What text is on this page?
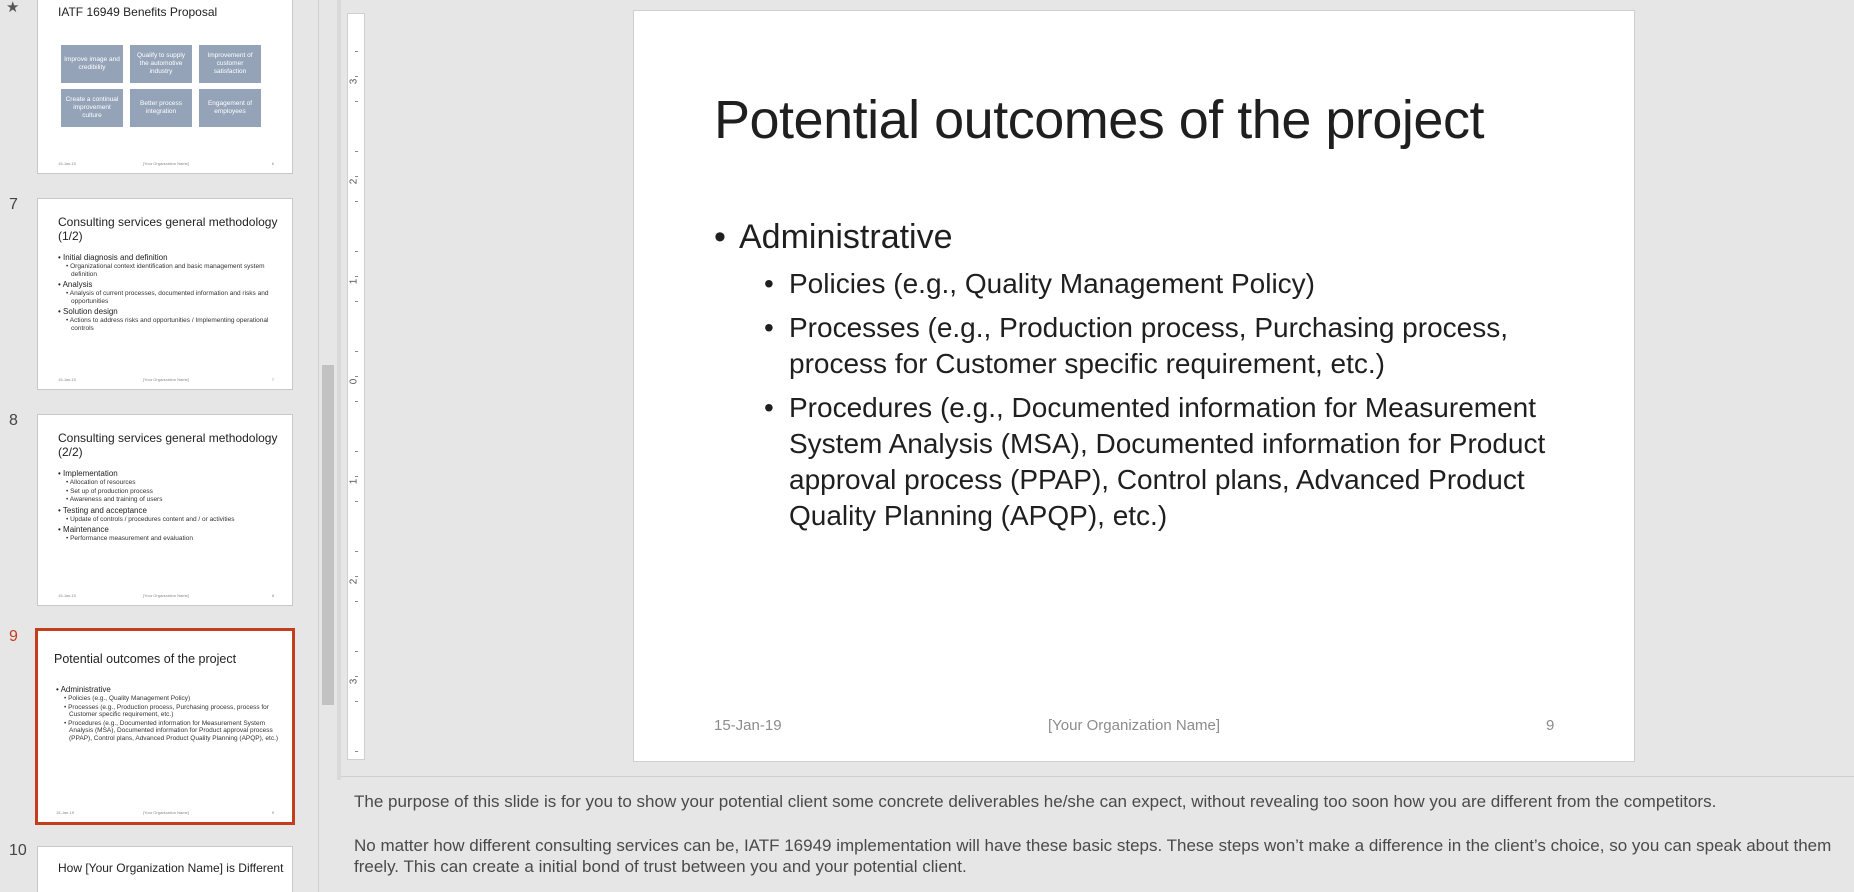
★	IATF 16949 Benefits Proposal
Improve image and credibility
Qualify to supply the automotive industry
Improvement of customer satisfaction
Create a continual improvement culture
Better process integration
Engagement of employees
15-Jan-19	[Your Organization Name]	6
7
Consulting services general methodology (1/2)
• Initial diagnosis and definition
• Organizational context identification and basic management system definition
• Analysis
• Analysis of current processes, documented information and risks and opportunities
• Solution design
• Actions to address risks and opportunities / Implementing operational controls
15-Jan-19	[Your Organization Name]	7
8
Consulting services general methodology (2/2)
• Implementation
• Allocation of resources
• Set up of production process
• Awareness and training of users
• Testing and acceptance
• Update of controls / procedures content and / or activities
• Maintenance
• Performance measurement and evaluation
15-Jan-19	[Your Organization Name]	8
9
Potential outcomes of the project
• Administrative
• Policies (e.g., Quality Management Policy)
• Processes (e.g., Production process, Purchasing process, process for Customer specific requirement, etc.)
• Procedures (e.g., Documented information for Measurement System Analysis (MSA), Documented information for Product approval process (PPAP), Control plans, Advanced Product Quality Planning (APQP), etc.)
15-Jan-19	[Your Organization Name]	9
10
How [Your Organization Name] is Different
3
2
1
0
1
2
3
Potential outcomes of the project
• Administrative
• Policies (e.g., Quality Management Policy)
• Processes (e.g., Production process, Purchasing process, process for Customer specific requirement, etc.)
• Procedures (e.g., Documented information for Measurement System Analysis (MSA), Documented information for Product approval process (PPAP), Control plans, Advanced Product Quality Planning (APQP), etc.)
15-Jan-19	[Your Organization Name]	9
The purpose of this slide is for you to show your potential client some concrete deliverables he/she can expect, without revealing too soon how you are different from the competitors.
No matter how different consulting services can be, IATF 16949 implementation will have these basic steps. These steps won’t make a difference in the client’s choice, so you can speak about them freely. This can create a initial bond of trust between you and your potential client.
